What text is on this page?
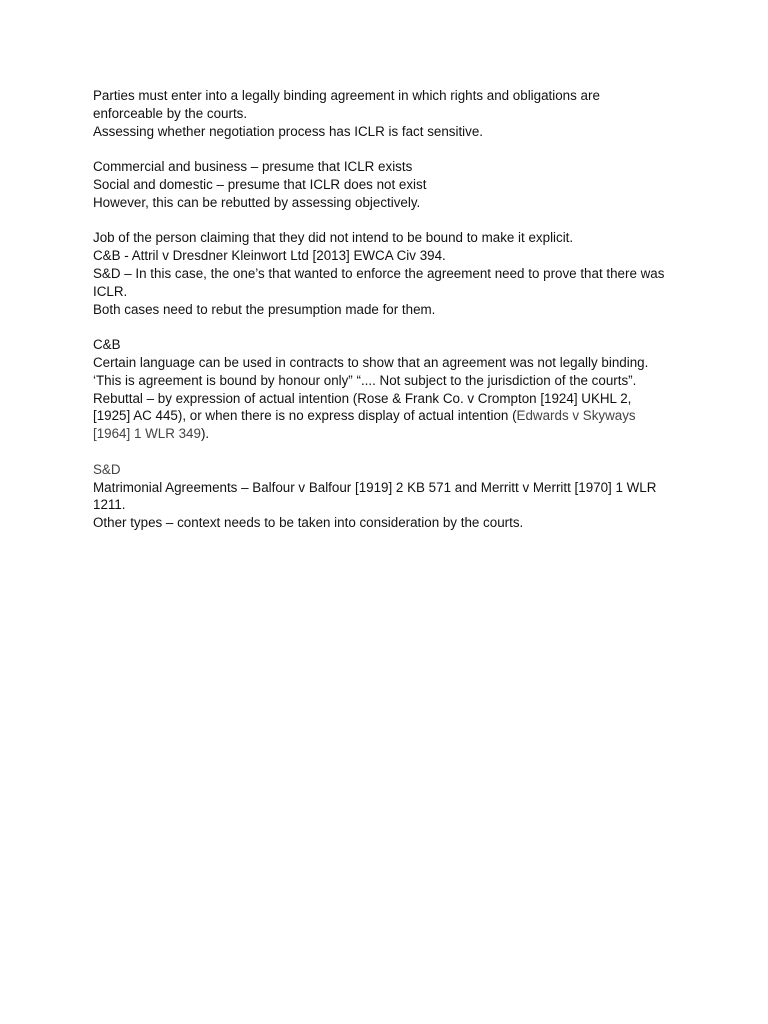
Parties must enter into a legally binding agreement in which rights and obligations are enforceable by the courts.

Assessing whether negotiation process has ICLR is fact sensitive.

Commercial and business – presume that ICLR exists

Social and domestic – presume that ICLR does not exist

However, this can be rebutted by assessing objectively.

Job of the person claiming that they did not intend to be bound to make it explicit.

C&B - Attril v Dresdner Kleinwort Ltd [2013] EWCA Civ 394.

S&D – In this case, the one’s that wanted to enforce the agreement need to prove that there was ICLR.

Both cases need to rebut the presumption made for them.

C&B

Certain language can be used in contracts to show that an agreement was not legally binding.

‘This is agreement is bound by honour only” “.... Not subject to the jurisdiction of the courts”.

Rebuttal – by expression of actual intention (Rose & Frank Co. v Crompton [1924] UKHL 2, [1925] AC 445), or when there is no express display of actual intention (Edwards v Skyways [1964] 1 WLR 349).

S&D

Matrimonial Agreements – Balfour v Balfour [1919] 2 KB 571 and Merritt v Merritt [1970] 1 WLR 1211.

Other types – context needs to be taken into consideration by the courts.
